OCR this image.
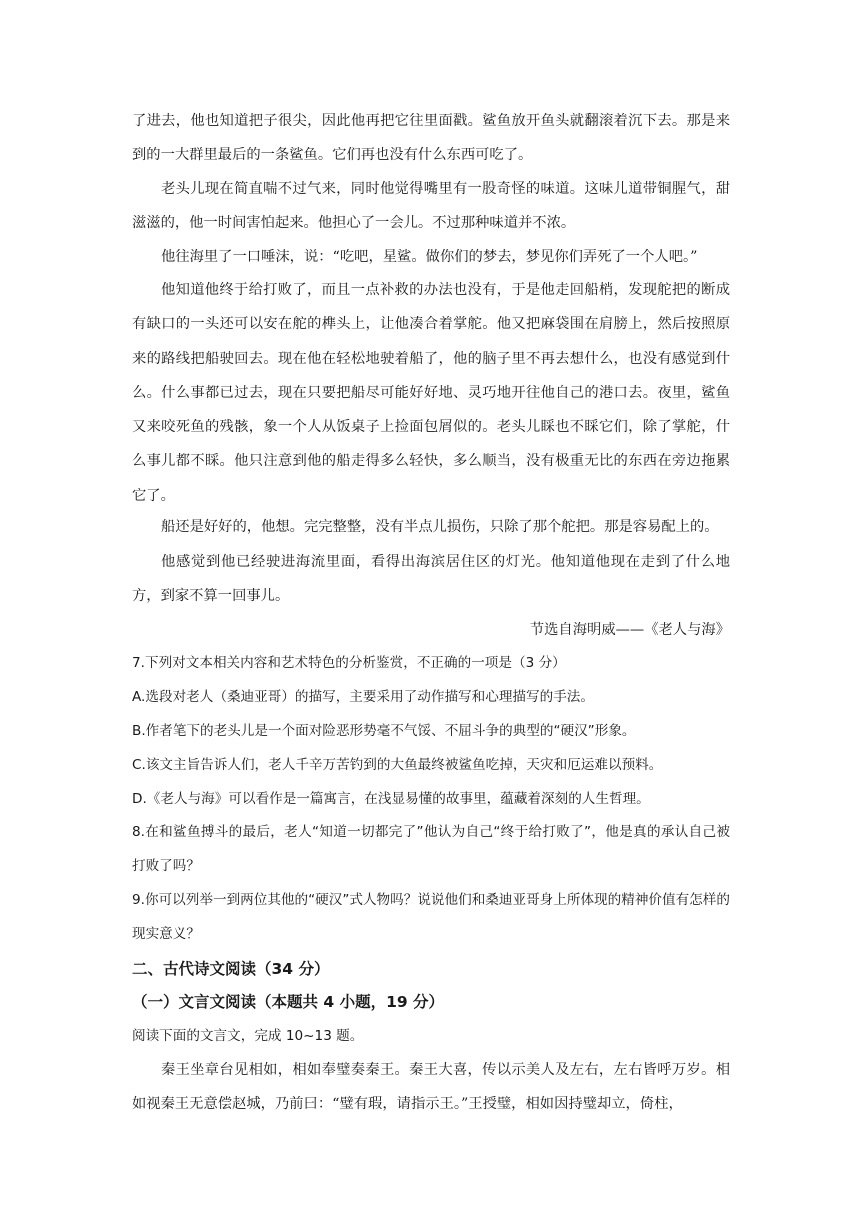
了进去，他也知道把子很尖，因此他再把它往里面戳。鲨鱼放开鱼头就翻滚着沉下去。那是来到的一大群里最后的一条鲨鱼。它们再也没有什么东西可吃了。

老头儿现在简直喘不过气来，同时他觉得嘴里有一股奇怪的味道。这味儿道带铜腥气，甜滋滋的，他一时间害怕起来。他担心了一会儿。不过那种味道并不浓。

他往海里了一口唾沫，说：“吃吧，星鲨。做你们的梦去，梦见你们弄死了一个人吧。”

他知道他终于给打败了，而且一点补救的办法也没有，于是他走回船梢，发现舵把的断成有缺口的一头还可以安在舵的榫头上，让他凑合着掌舵。他又把麻袋围在肩膀上，然后按照原来的路线把船驶回去。现在他在轻松地驶着船了，他的脑子里不再去想什么，也没有感觉到什么。什么事都已过去，现在只要把船尽可能好好地、灵巧地开往他自己的港口去。夜里，鲨鱼又来咬死鱼的残骸，象一个人从饭桌子上捡面包屑似的。老头儿睬也不睬它们，除了掌舵，什么事儿都不睬。他只注意到他的船走得多么轻快，多么顺当，没有极重无比的东西在旁边拖累它了。

船还是好好的，他想。完完整整，没有半点儿损伤，只除了那个舵把。那是容易配上的。

他感觉到他已经驶进海流里面，看得出海滨居住区的灯光。他知道他现在走到了什么地方，到家不算一回事儿。

节选自海明威——《老人与海》
7.下列对文本相关内容和艺术特色的分析鉴赏，不正确的一项是（3 分）
A.选段对老人（桑迪亚哥）的描写，主要采用了动作描写和心理描写的手法。
B.作者笔下的老头儿是一个面对险恶形势毫不气馁、不屈斗争的典型的“硬汉”形象。
C.该文主旨告诉人们，老人千辛万苦钓到的大鱼最终被鲨鱼吃掉，天灾和厄运难以预料。
D.《老人与海》可以看作是一篇寓言，在浅显易懂的故事里，蕴藏着深刻的人生哲理。
8.在和鲨鱼搏斗的最后，老人“知道一切都完了”他认为自己“终于给打败了”，他是真的承认自己被打败了吗？
9.你可以列举一到两位其他的“硬汉”式人物吗？说说他们和桑迪亚哥身上所体现的精神价值有怎样的现实意义？
二、古代诗文阅读（34 分）
（一）文言文阅读（本题共 4 小题，19 分）
阅读下面的文言文，完成 10~13 题。

秦王坐章台见相如，相如奉璧奏秦王。秦王大喜，传以示美人及左右，左右皆呼万岁。相如视秦王无意偿赵城，乃前曰：“璧有瑕，请指示王。”王授璧，相如因持璧却立，倚柱，
